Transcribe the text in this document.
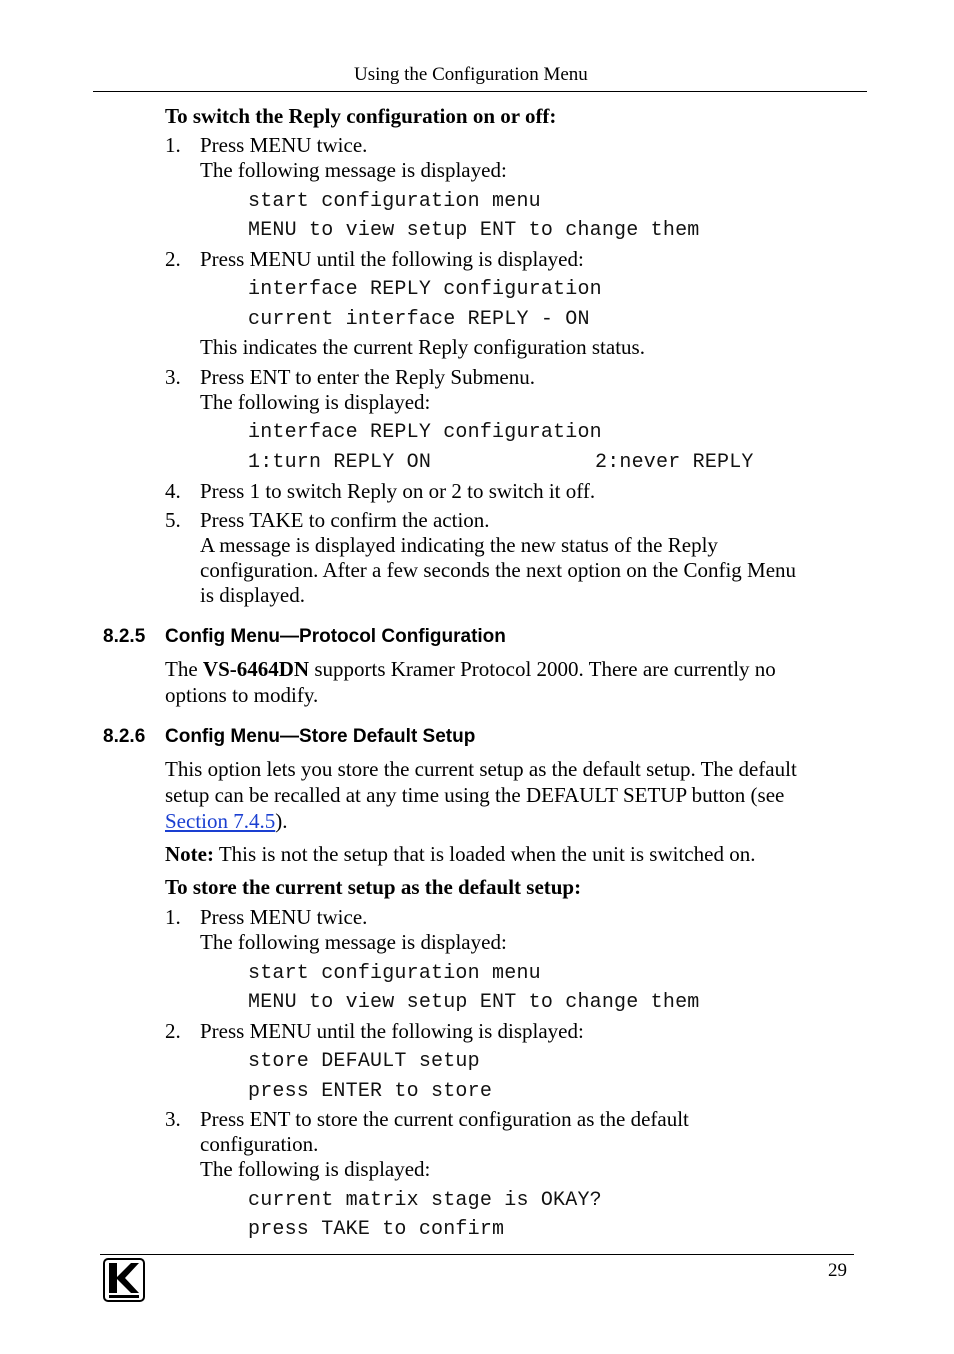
Using the Configuration Menu
To switch the Reply configuration on or off:
1. Press MENU twice.
The following message is displayed:
start configuration menu
MENU to view setup ENT to change them
2. Press MENU until the following is displayed:
interface REPLY configuration
current interface REPLY - ON
This indicates the current Reply configuration status.
3. Press ENT to enter the Reply Submenu.
The following is displayed:
interface REPLY configuration
1:turn REPLY ON	2:never REPLY
4. Press 1 to switch Reply on or 2 to switch it off.
5. Press TAKE to confirm the action.
A message is displayed indicating the new status of the Reply
configuration. After a few seconds the next option on the Config Menu
is displayed.
8.2.5 Config Menu—Protocol Configuration
The VS-6464DN supports Kramer Protocol 2000. There are currently no
options to modify.
8.2.6 Config Menu—Store Default Setup
This option lets you store the current setup as the default setup. The default
setup can be recalled at any time using the DEFAULT SETUP button (see
Section 7.4.5).
Note: This is not the setup that is loaded when the unit is switched on.
To store the current setup as the default setup:
1. Press MENU twice.
The following message is displayed:
start configuration menu
MENU to view setup ENT to change them
2. Press MENU until the following is displayed:
store DEFAULT setup
press ENTER to store
3. Press ENT to store the current configuration as the default
configuration.
The following is displayed:
current matrix stage is OKAY?
press TAKE to confirm
29
